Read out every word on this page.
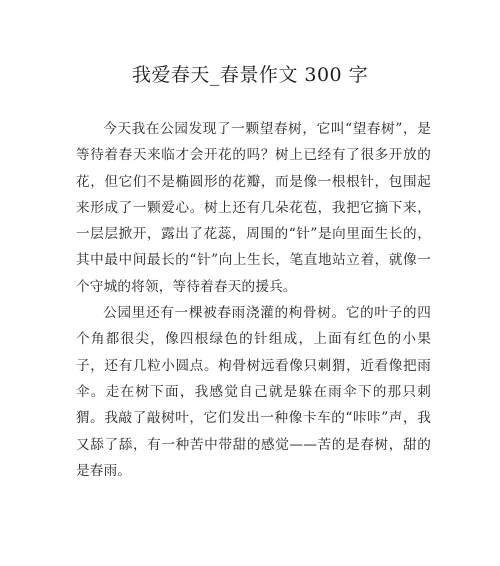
我爱春天_春景作文 300 字

今天我在公园发现了一颗望春树，它叫“望春树”，是等待着春天来临才会开花的吗？树上已经有了很多开放的花，但它们不是椭圆形的花瓣，而是像一根根针，包围起来形成了一颗爱心。树上还有几朵花苞，我把它摘下来，一层层掀开，露出了花蕊，周围的“针”是向里面生长的，其中最中间最长的“针”向上生长，笔直地站立着，就像一个守城的将领，等待着春天的援兵。

公园里还有一棵被春雨浇灌的枸骨树。它的叶子的四个角都很尖，像四根绿色的针组成，上面有红色的小果子，还有几粒小圆点。枸骨树远看像只刺猬，近看像把雨伞。走在树下面，我感觉自己就是躲在雨伞下的那只刺猬。我敲了敲树叶，它们发出一种像卡车的“咔咔”声，我又舔了舔，有一种苦中带甜的感觉——苦的是春树，甜的是春雨。
